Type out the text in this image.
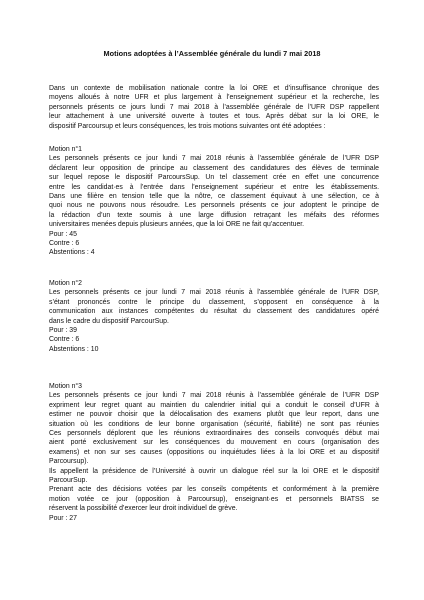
Motions adoptées à l’Assemblée générale du lundi 7 mai 2018
Dans un contexte de mobilisation nationale contre la loi ORE et d’insuffisance chronique des
moyens alloués à notre UFR et plus largement à l’enseignement supérieur et la recherche, les
personnels présents ce jours lundi 7 mai 2018 à l’assemblée générale de l’UFR DSP rappellent
leur attachement à une université ouverte à toutes et tous. Après débat sur la loi ORE, le
dispositif Parcoursup et leurs conséquences, les trois motions suivantes ont été adoptées :
Motion n°1
Les personnels présents ce jour lundi 7 mai 2018 réunis à l’assemblée générale de l’UFR DSP
déclarent leur opposition de principe au classement des candidatures des élèves de terminale
sur lequel repose le dispositif ParcoursSup. Un tel classement crée en effet une concurrence
entre les candidat·es à l’entrée dans l’enseignement supérieur et entre les établissements.
Dans une filière en tension telle que la nôtre, ce classement équivaut à une sélection, ce à
quoi nous ne pouvons nous résoudre. Les personnels présents ce jour adoptent le principe de
la rédaction d’un texte soumis à une large diffusion retraçant les méfaits des réformes
universitaires menées depuis plusieurs années, que la loi ORE ne fait qu’accentuer.
Pour : 45
Contre : 6
Abstentions : 4
Motion n°2
Les personnels présents ce jour lundi 7 mai 2018 réunis à l’assemblée générale de l’UFR DSP,
s’étant prononcés contre le principe du classement, s’opposent en conséquence à la
communication aux instances compétentes du résultat du classement des candidatures opéré
dans le cadre du dispositif ParcourSup.
Pour : 39
Contre : 6
Abstentions : 10
Motion n°3
Les personnels présents ce jour lundi 7 mai 2018 réunis à l’assemblée générale de l’UFR DSP
expriment leur regret quant au maintien du calendrier initial qui a conduit le conseil d’UFR à
estimer ne pouvoir choisir que la délocalisation des examens plutôt que leur report, dans une
situation où les conditions de leur bonne organisation (sécurité, fiabilité) ne sont pas réunies
Ces personnels déplorent que les réunions extraordinaires des conseils convoqués début mai
aient porté exclusivement sur les conséquences du mouvement en cours (organisation des
examens) et non sur ses causes (oppositions ou inquiétudes liées à la loi ORE et au dispositif
Parcoursup).
Ils appellent la présidence de l’Université à ouvrir un dialogue réel sur la loi ORE et le dispositif
ParcourSup.
Prenant acte des décisions votées par les conseils compétents et conformément à la première
motion votée ce jour (opposition à Parcoursup), enseignant·es et personnels BIATSS se
réservent la possibilité d’exercer leur droit individuel de grève.
Pour : 27
